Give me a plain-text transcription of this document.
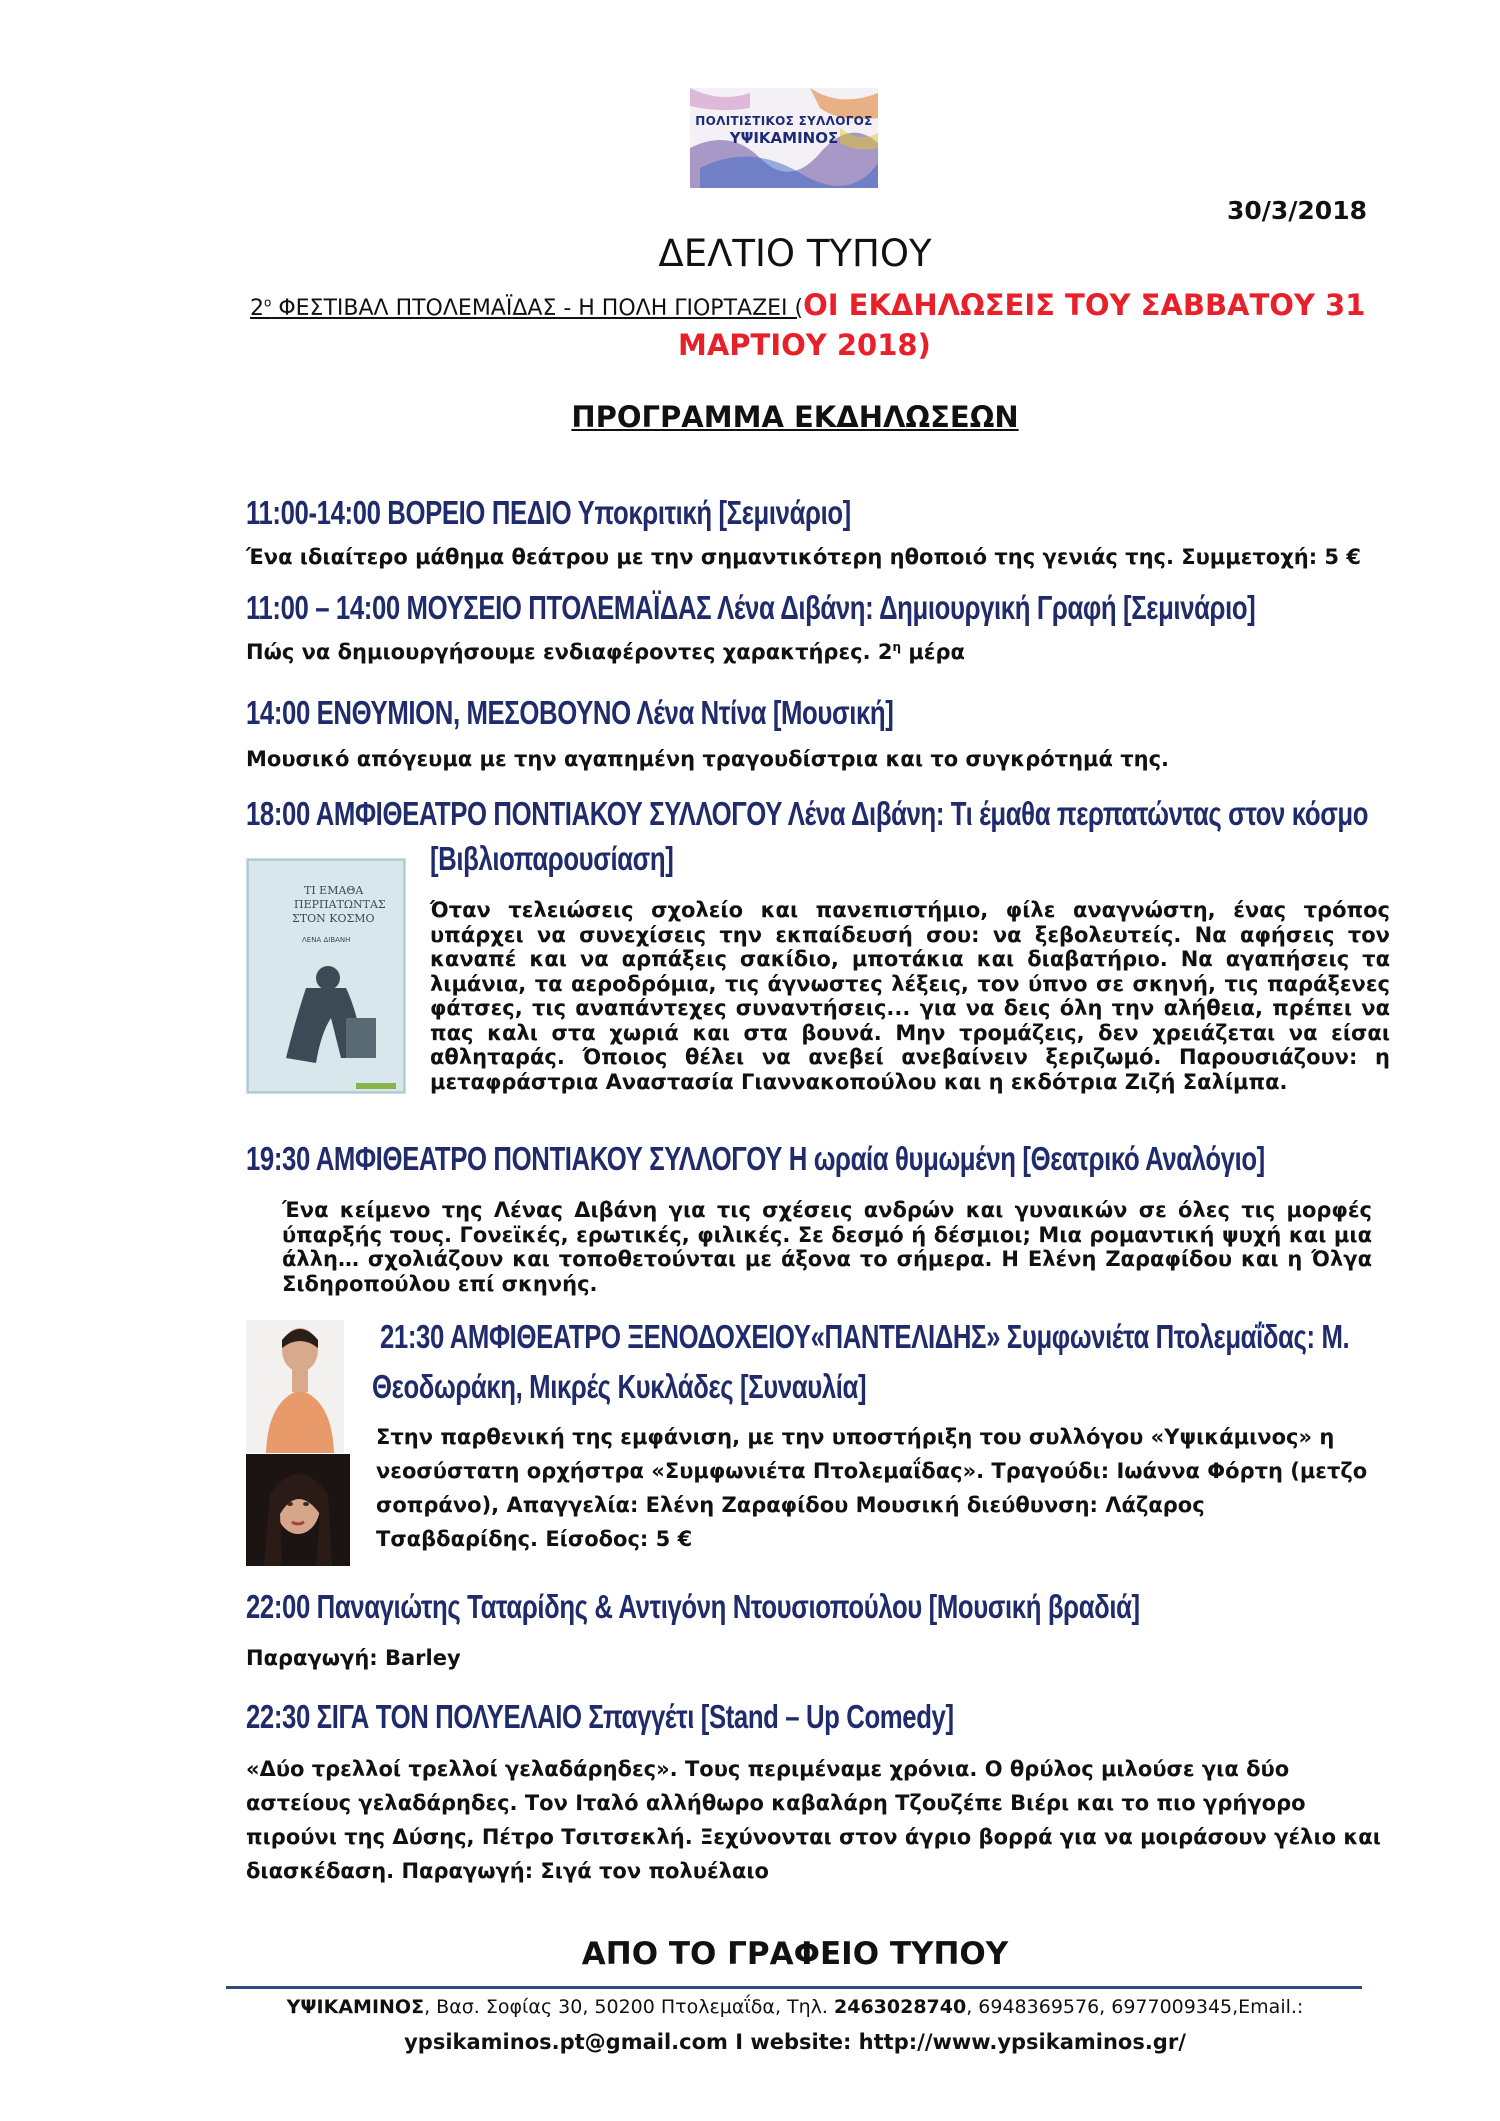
ΠΟΛΙΤΙΣΤΙΚΟΣ ΣΥΛΛΟΓΟΣ
ΥΨΙΚΑΜΙΝΟΣ
30/3/2018
ΔΕΛΤΙΟ ΤΥΠΟΥ
$2^o$ ΦΕΣΤΙΒΑΛ ΠΤΟΛΕΜΑΪΔΑΣ - Η ΠΟΛΗ ΓΙΟΡΤΑΖΕΙ (ΟΙ ΕΚΔΗΛΩΣΕΙΣ ΤΟΥ ΣΑΒΒΑΤΟΥ 31
ΜΑΡΤΙΟΥ 2018)
ΠΡΟΓΡΑΜΜΑ ΕΚΔΗΛΩΣΕΩΝ
11:00-14:00 ΒΟΡΕΙΟ ΠΕΔΙΟ Υποκριτική [Σεμινάριο]
Ένα ιδιαίτερο μάθημα θεάτρου με την σημαντικότερη ηθοποιό της γενιάς της. Συμμετοχή: 5 €
11:00 – 14:00 ΜΟΥΣΕΙΟ ΠΤΟΛΕΜΑΪΔΑΣ Λένα Διβάνη: Δημιουργική Γραφή [Σεμινάριο]
Πώς να δημιουργήσουμε ενδιαφέροντες χαρακτήρες. $2^\eta$ μέρα
14:00 ΕΝΘΥΜΙΟΝ, ΜΕΣΟΒΟΥΝΟ Λένα Ντίνα [Μουσική]
Μουσικό απόγευμα με την αγαπημένη τραγουδίστρια και το συγκρότημά της.
18:00 ΑΜΦΙΘΕΑΤΡΟ ΠΟΝΤΙΑΚΟΥ ΣΥΛΛΟΓΟΥ Λένα Διβάνη: Τι έμαθα περπατώντας στον κόσμο
[Βιβλιοπαρουσίαση]
ΤΙ ΕΜΑΘΑ
ΠΕΡΠΑΤΩΝΤΑΣ
ΣΤΟΝ ΚΟΣΜΟ
ΛΕΝΑ ΔΙΒΑΝΗ
Όταν τελειώσεις σχολείο και πανεπιστήμιο, φίλε αναγνώστη, ένας τρόπος
υπάρχει να συνεχίσεις την εκπαίδευσή σου: να ξεβολευτείς. Να αφήσεις τον
καναπέ και να αρπάξεις σακίδιο, μποτάκια και διαβατήριο. Να αγαπήσεις τα
λιμάνια, τα αεροδρόμια, τις άγνωστες λέξεις, τον ύπνο σε σκηνή, τις παράξενες
φάτσες, τις αναπάντεχες συναντήσεις... για να δεις όλη την αλήθεια, πρέπει να
πας καλι στα χωριά και στα βουνά. Μην τρομάζεις, δεν χρειάζεται να είσαι
αθληταράς. Όποιος θέλει να ανεβεί ανεβαίνειν ξεριζωμό. Παρουσιάζουν: η
μεταφράστρια Αναστασία Γιαννακοπούλου και η εκδότρια Ζιζή Σαλίμπα.
19:30 ΑΜΦΙΘΕΑΤΡΟ ΠΟΝΤΙΑΚΟΥ ΣΥΛΛΟΓΟΥ Η ωραία θυμωμένη [Θεατρικό Αναλόγιο]
Ένα κείμενο της Λένας Διβάνη για τις σχέσεις ανδρών και γυναικών σε όλες τις μορφές
ύπαρξής τους. Γονεϊκές, ερωτικές, φιλικές. Σε δεσμό ή δέσμιοι; Μια ρομαντική ψυχή και μια
άλλη… σχολιάζουν και τοποθετούνται με άξονα το σήμερα. Η Ελένη Ζαραφίδου και η Όλγα
Σιδηροπούλου επί σκηνής.
21:30 ΑΜΦΙΘΕΑΤΡΟ ΞΕΝΟΔΟΧΕΙΟΥ«ΠΑΝΤΕΛΙΔΗΣ» Συμφωνιέτα Πτολεμαΐδας: Μ.
Θεοδωράκη, Μικρές Κυκλάδες [Συναυλία]
Στην παρθενική της εμφάνιση, με την υποστήριξη του συλλόγου «Υψικάμινος» η
νεοσύστατη ορχήστρα «Συμφωνιέτα Πτολεμαΐδας». Τραγούδι: Ιωάννα Φόρτη (μετζο
σοπράνο), Απαγγελία: Ελένη Ζαραφίδου Μουσική διεύθυνση: Λάζαρος
Τσαβδαρίδης. Είσοδος: 5 €
22:00 Παναγιώτης Ταταρίδης & Αντιγόνη Ντουσιοπούλου [Μουσική βραδιά]
Παραγωγή: Barley
22:30 ΣΙΓΑ ΤΟΝ ΠΟΛΥΕΛΑΙΟ Σπαγγέτι [Stand – Up Comedy]
«Δύο τρελλοί τρελλοί γελαδάρηδες». Τους περιμέναμε χρόνια. Ο θρύλος μιλούσε για δύο
αστείους γελαδάρηδες. Τον Ιταλό αλλήθωρο καβαλάρη Τζουζέπε Βιέρι και το πιο γρήγορο
πιρούνι της Δύσης, Πέτρο Τσιτσεκλή. Ξεχύνονται στον άγριο βορρά για να μοιράσουν γέλιο και
διασκέδαση. Παραγωγή: Σιγά τον πολυέλαιο
ΑΠΟ ΤΟ ΓΡΑΦΕΙΟ ΤΥΠΟΥ
ΥΨΙΚΑΜΙΝΟΣ, Βασ. Σοφίας 30, 50200 Πτολεμαΐδα, Τηλ. 2463028740, 6948369576, 6977009345,Email.:
ypsikaminos.pt@gmail.com I website: http://www.ypsikaminos.gr/
